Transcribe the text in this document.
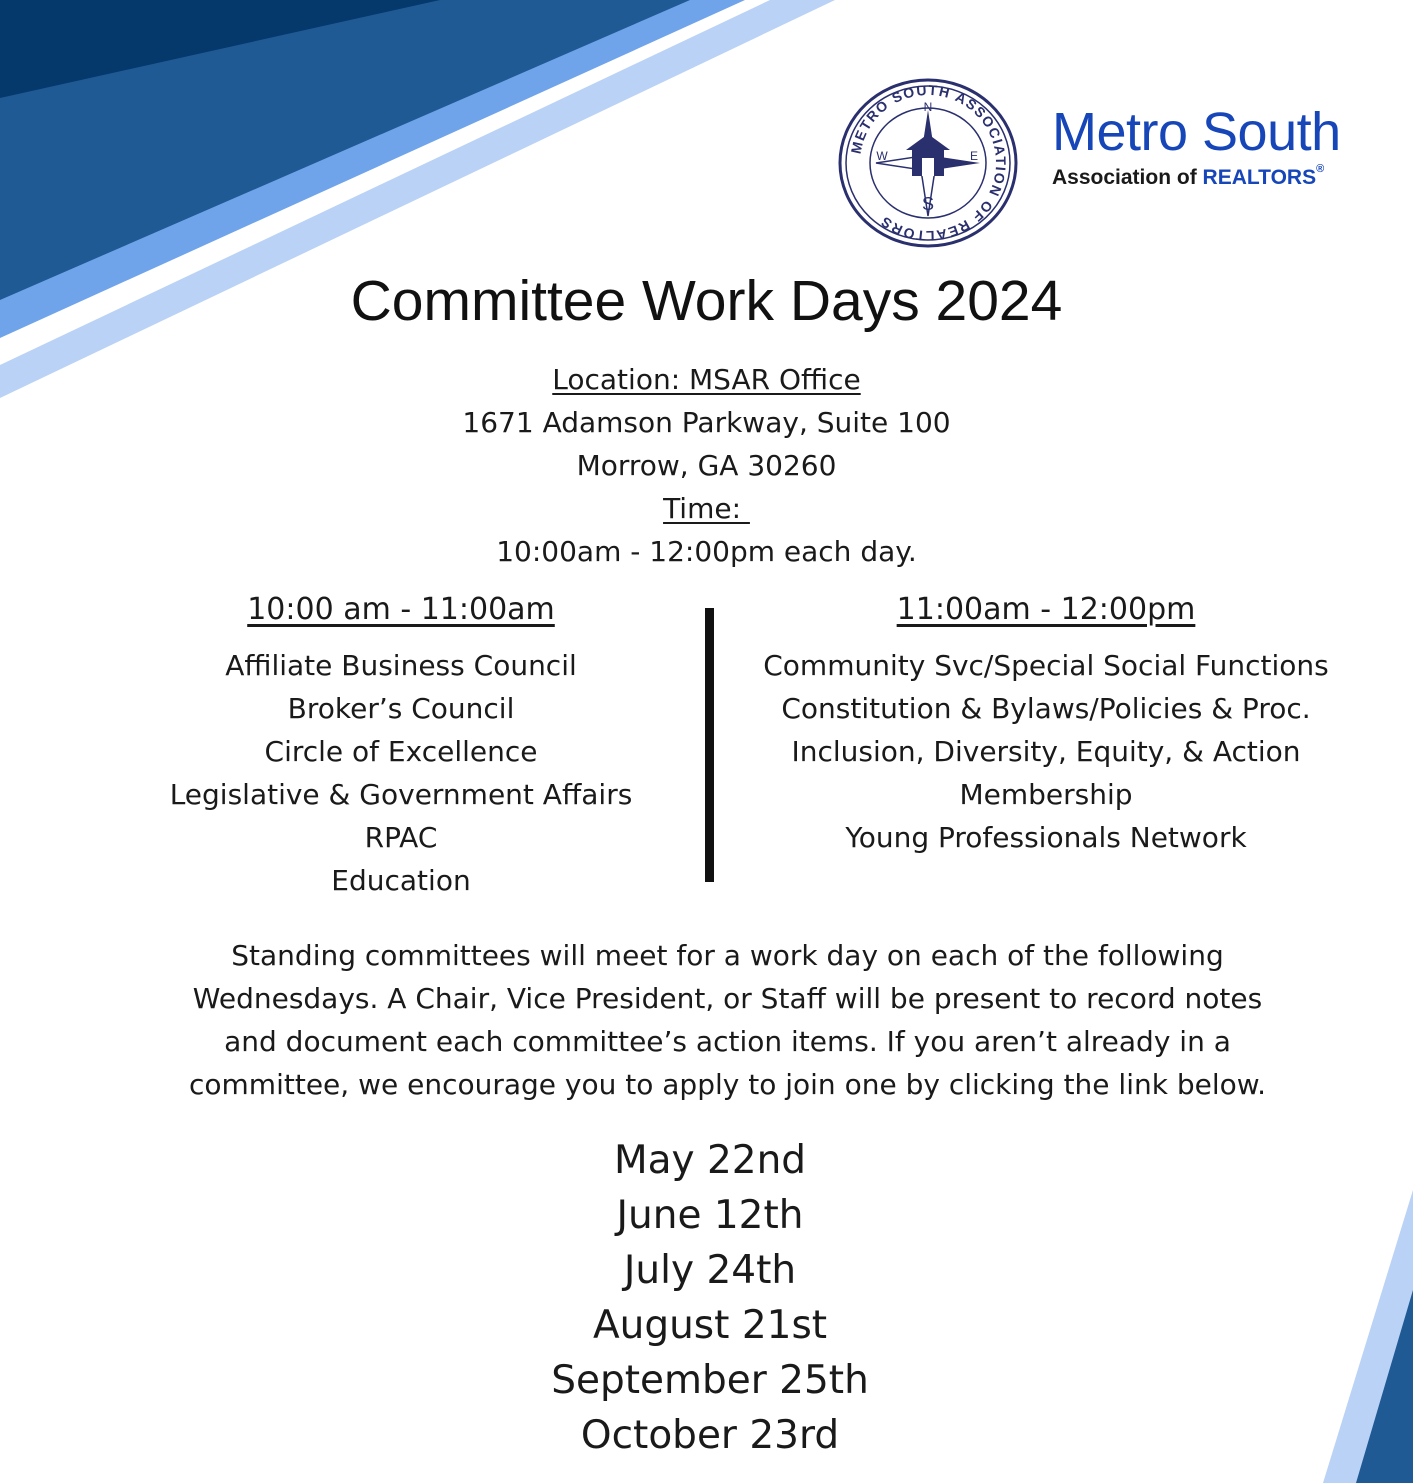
METRO SOUTH ASSOCIATION OF REALTORS
N
E
S
W	Metro South
Association of REALTORS®
Committee Work Days 2024
Location: MSAR Office
1671 Adamson Parkway, Suite 100
Morrow, GA 30260
Time:
10:00am - 12:00pm each day.
10:00 am - 11:00am
Affiliate Business Council
Broker’s Council
Circle of Excellence
Legislative & Government Affairs
RPAC
Education
11:00am - 12:00pm
Community Svc/Special Social Functions
Constitution & Bylaws/Policies & Proc.
Inclusion, Diversity, Equity, & Action
Membership
Young Professionals Network
Standing committees will meet for a work day on each of the following
Wednesdays. A Chair, Vice President, or Staff will be present to record notes
and document each committee’s action items. If you aren’t already in a
committee, we encourage you to apply to join one by clicking the link below.
May 22nd
June 12th
July 24th
August 21st
September 25th
October 23rd
